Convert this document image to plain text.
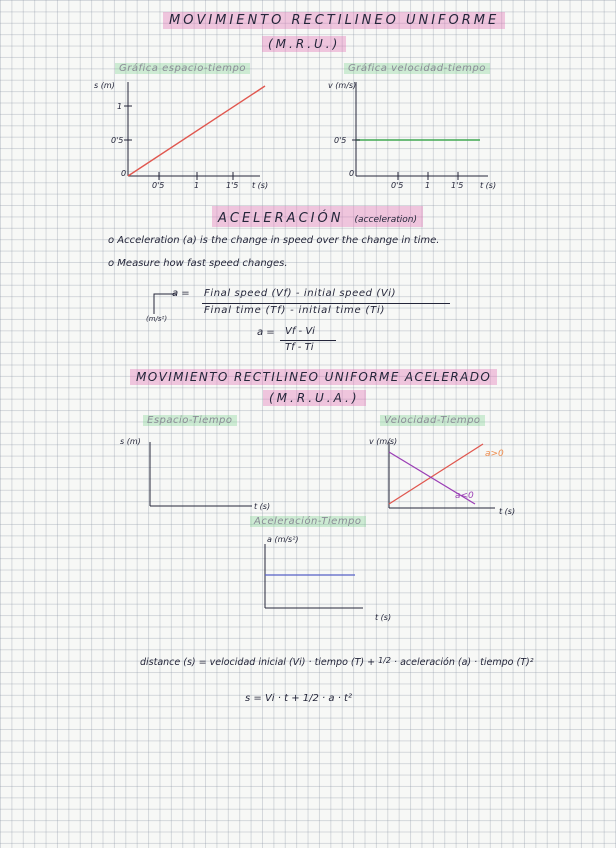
MOVIMIENTO RECTILINEO UNIFORME
(M.R.U.)
Gráfica espacio-tiempo
s (m)
1
0'5
0
0'5	1	1'5 t (s)
Gráfica velocidad-tiempo
v (m/s)
0'5
0
0'5	1	1'5 t (s)
ACELERACIÓN (acceleration)
o Acceleration (a) is the change in speed over the change in time.
o Measure how fast speed changes.
a = Final speed (Vf) - initial speed (Vi)
Final time (Tf) - initial time (Ti)
(m/s²)
a = Vf - Vi
Tf - Ti
MOVIMIENTO RECTILINEO UNIFORME ACELERADO
(M.R.U.A.)
Espacio-Tiempo
s (m)
t (s)
Velocidad-Tiempo
v (m/s)
a>0
a<0
t (s)
Aceleración-Tiempo
a (m/s²)
t (s)
distance (s) = velocidad inicial (Vi) · tiempo (T) + $^{1/2}$ · aceleración (a) · tiempo (T)²
s = Vi · t + 1/2 · a · t²
